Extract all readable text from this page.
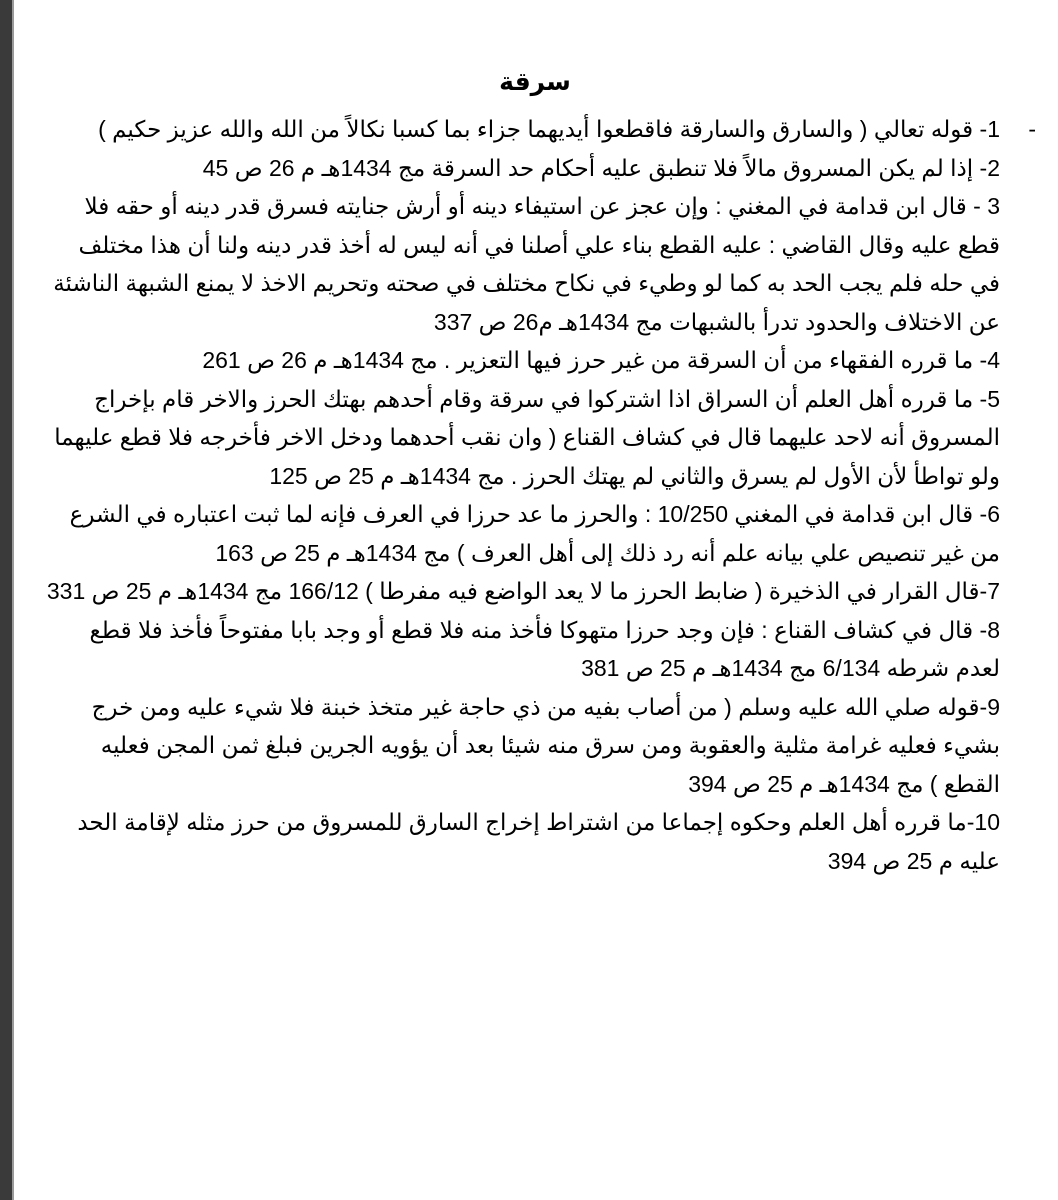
سرقة
-
1- قوله تعالي ( والسارق والسارقة فاقطعوا أيديهما جزاء بما كسبا نكالاً من الله والله عزيز حكيم )
2- إذا لم يكن المسروق مالاً فلا تنطبق عليه أحكام حد السرقة مج 1434هـ م 26 ص 45
3 - قال ابن قدامة في المغني : وإن عجز عن استيفاء دينه أو أرش جنايته فسرق قدر دينه أو حقه فلا قطع عليه وقال القاضي : عليه القطع بناء علي أصلنا في أنه ليس له أخذ قدر دينه ولنا أن هذا مختلف في حله فلم يجب الحد به كما لو وطيء في نكاح مختلف في صحته وتحريم الاخذ لا يمنع الشبهة الناشئة عن الاختلاف والحدود تدرأ بالشبهات مج 1434هـ م26 ص 337
4- ما قرره الفقهاء من أن السرقة من غير حرز فيها التعزير . مج 1434هـ م 26 ص 261
5- ما قرره أهل العلم أن السراق اذا اشتركوا في سرقة وقام أحدهم بهتك الحرز والاخر قام بإخراج المسروق أنه لاحد عليهما قال في كشاف القناع ( وان نقب أحدهما ودخل الاخر فأخرجه فلا قطع عليهما ولو تواطأ لأن الأول لم يسرق والثاني لم يهتك الحرز . مج 1434هـ م 25 ص 125
6- قال ابن قدامة في المغني 10/250 : والحرز ما عد حرزا في العرف فإنه لما ثبت اعتباره في الشرع من غير تنصيص علي بيانه علم أنه رد ذلك إلى أهل العرف ) مج 1434هـ م 25 ص 163
7-قال القرار في الذخيرة ( ضابط الحرز ما لا يعد الواضع فيه مفرطا ) 166/12 مج 1434هـ م 25 ص 331
8- قال في كشاف القناع : فإن وجد حرزا متهوكا فأخذ منه فلا قطع أو وجد بابا مفتوحاً فأخذ فلا قطع لعدم شرطه 6/134 مج 1434هـ م 25 ص 381
9-قوله صلي الله عليه وسلم ( من أصاب بفيه من ذي حاجة غير متخذ خبنة فلا شيء عليه ومن خرج بشيء فعليه غرامة مثلية والعقوبة ومن سرق منه شيئا بعد أن يؤويه الجرين فبلغ ثمن المجن فعليه القطع ) مج 1434هـ م 25 ص 394
10-ما قرره أهل العلم وحكوه إجماعا من اشتراط إخراج السارق للمسروق من حرز مثله لإقامة الحد عليه م 25 ص 394
